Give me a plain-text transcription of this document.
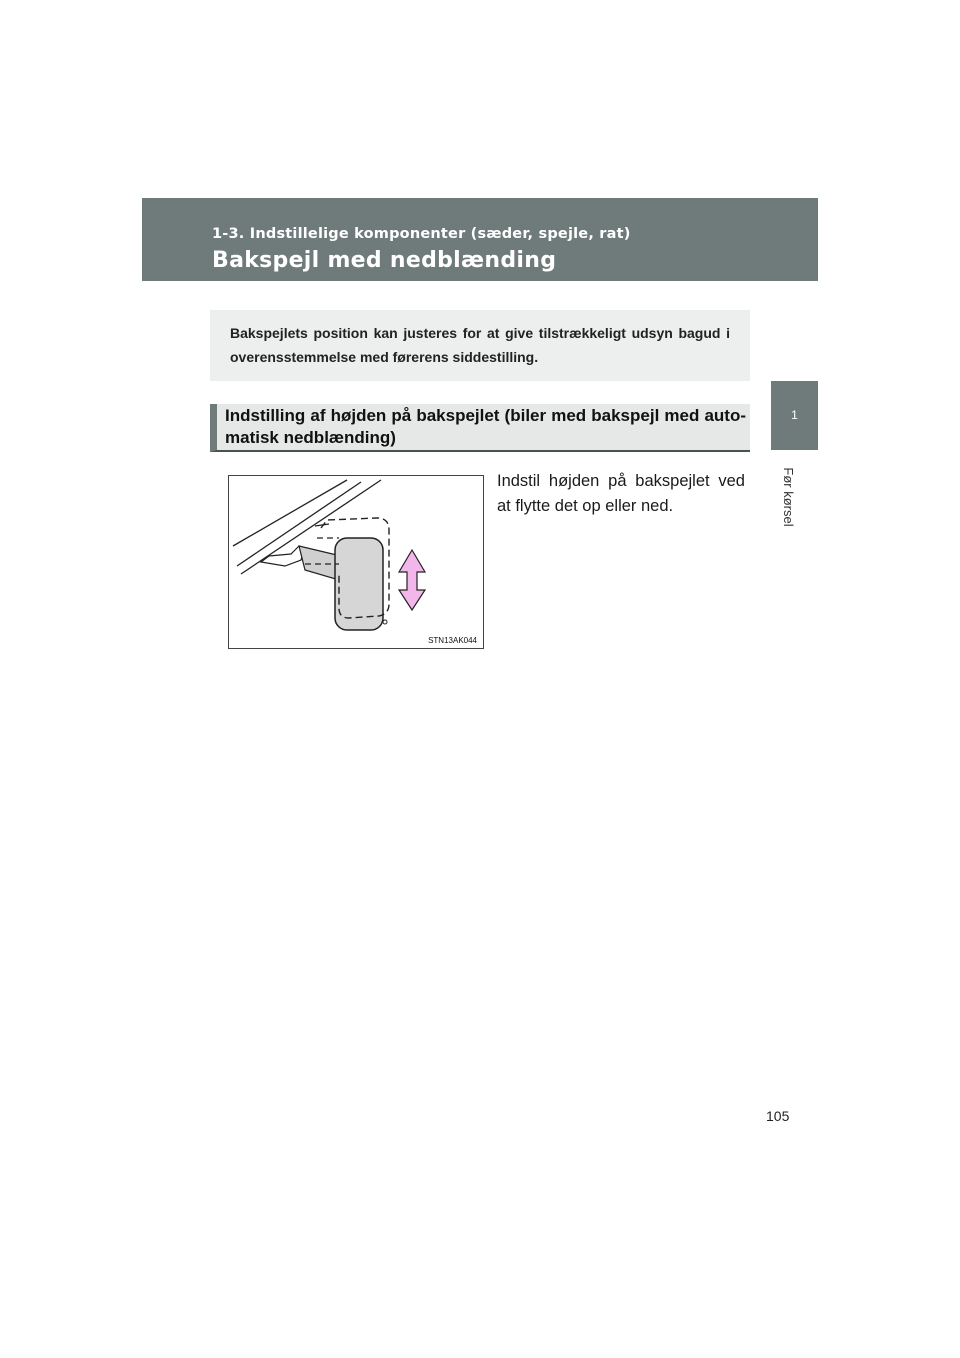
1-3. Indstillelige komponenter (sæder, spejle, rat)
Bakspejl med nedblænding
1
Før kørsel
Bakspejlets position kan justeres for at give tilstrækkeligt udsyn bagud i overensstemmelse med førerens siddestilling.
Indstilling af højden på bakspejlet (biler med bakspejl med auto-matisk nedblænding)
STN13AK044
Indstil højden på bakspejlet ved at flytte det op eller ned.
105
